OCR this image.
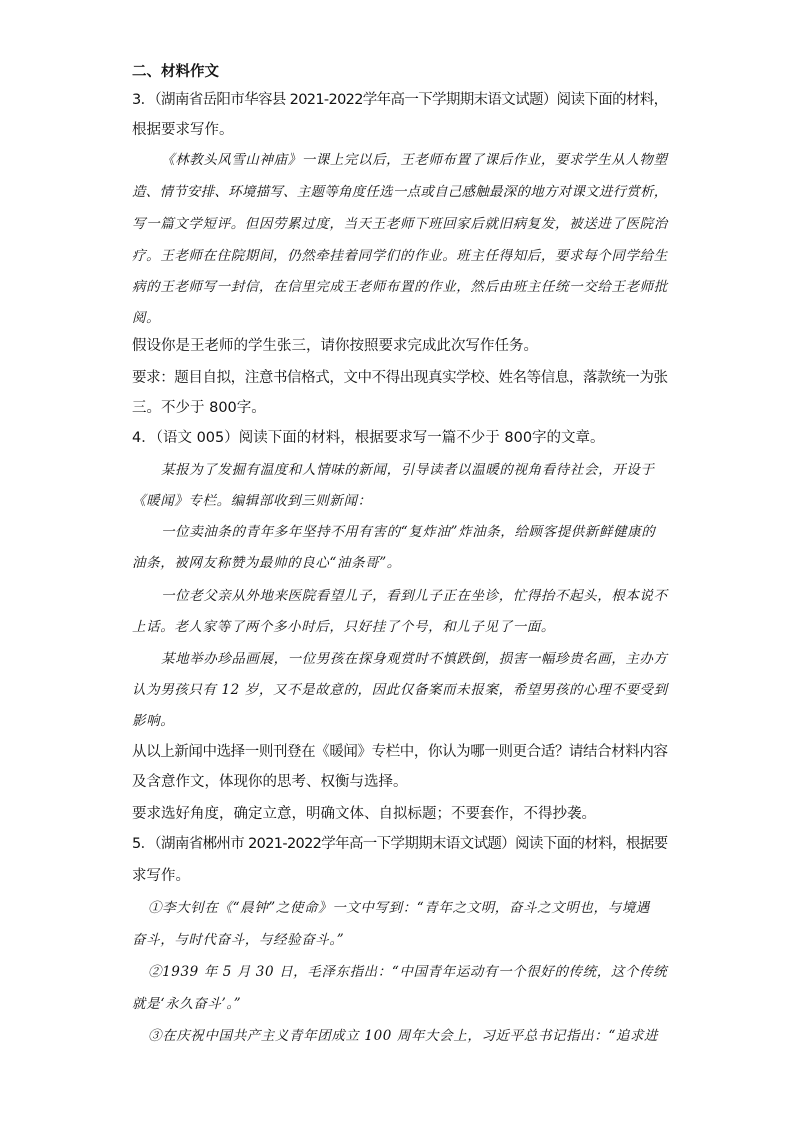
二、材料作文
3．（湖南省岳阳市华容县 2021-2022学年高一下学期期末语文试题）阅读下面的材料，
根据要求写作。
《林教头风雪山神庙》一课上完以后，王老师布置了课后作业，要求学生从人物塑
造、情节安排、环境描写、主题等角度任选一点或自己感触最深的地方对课文进行赏析，
写一篇文学短评。但因劳累过度，当天王老师下班回家后就旧病复发，被送进了医院治
疗。王老师在住院期间，仍然牵挂着同学们的作业。班主任得知后，要求每个同学给生
病的王老师写一封信，在信里完成王老师布置的作业，然后由班主任统一交给王老师批
阅。
假设你是王老师的学生张三，请你按照要求完成此次写作任务。
要求：题目自拟，注意书信格式，文中不得出现真实学校、姓名等信息，落款统一为张
三。不少于 800字。
4．（语文 005）阅读下面的材料，根据要求写一篇不少于 800字的文章。
某报为了发掘有温度和人情味的新闻，引导读者以温暖的视角看待社会，开设于
《暖闻》专栏。编辑部收到三则新闻：
一位卖油条的青年多年坚持不用有害的“复炸油”炸油条，给顾客提供新鲜健康的
油条，被网友称赞为最帅的良心“油条哥”。
一位老父亲从外地来医院看望儿子，看到儿子正在坐诊，忙得抬不起头，根本说不
上话。老人家等了两个多小时后，只好挂了个号，和儿子见了一面。
某地举办珍品画展，一位男孩在探身观赏时不慎跌倒，损害一幅珍贵名画，主办方
认为男孩只有 12 岁，又不是故意的，因此仅备案而未报案，希望男孩的心理不要受到
影响。
从以上新闻中选择一则刊登在《暖闻》专栏中，你认为哪一则更合适？请结合材料内容
及含意作文，体现你的思考、权衡与选择。
要求选好角度，确定立意，明确文体、自拟标题；不要套作，不得抄袭。
5．（湖南省郴州市 2021-2022学年高一下学期期末语文试题）阅读下面的材料，根据要
求写作。
①李大钊在《“晨钟”之使命》一文中写到：“青年之文明，奋斗之文明也，与境遇
奋斗，与时代奋斗，与经验奋斗。”
②1939 年 5 月 30 日，毛泽东指出：“中国青年运动有一个很好的传统，这个传统
就是‘永久奋斗’。”
③在庆祝中国共产主义青年团成立 100 周年大会上，习近平总书记指出：“追求进
